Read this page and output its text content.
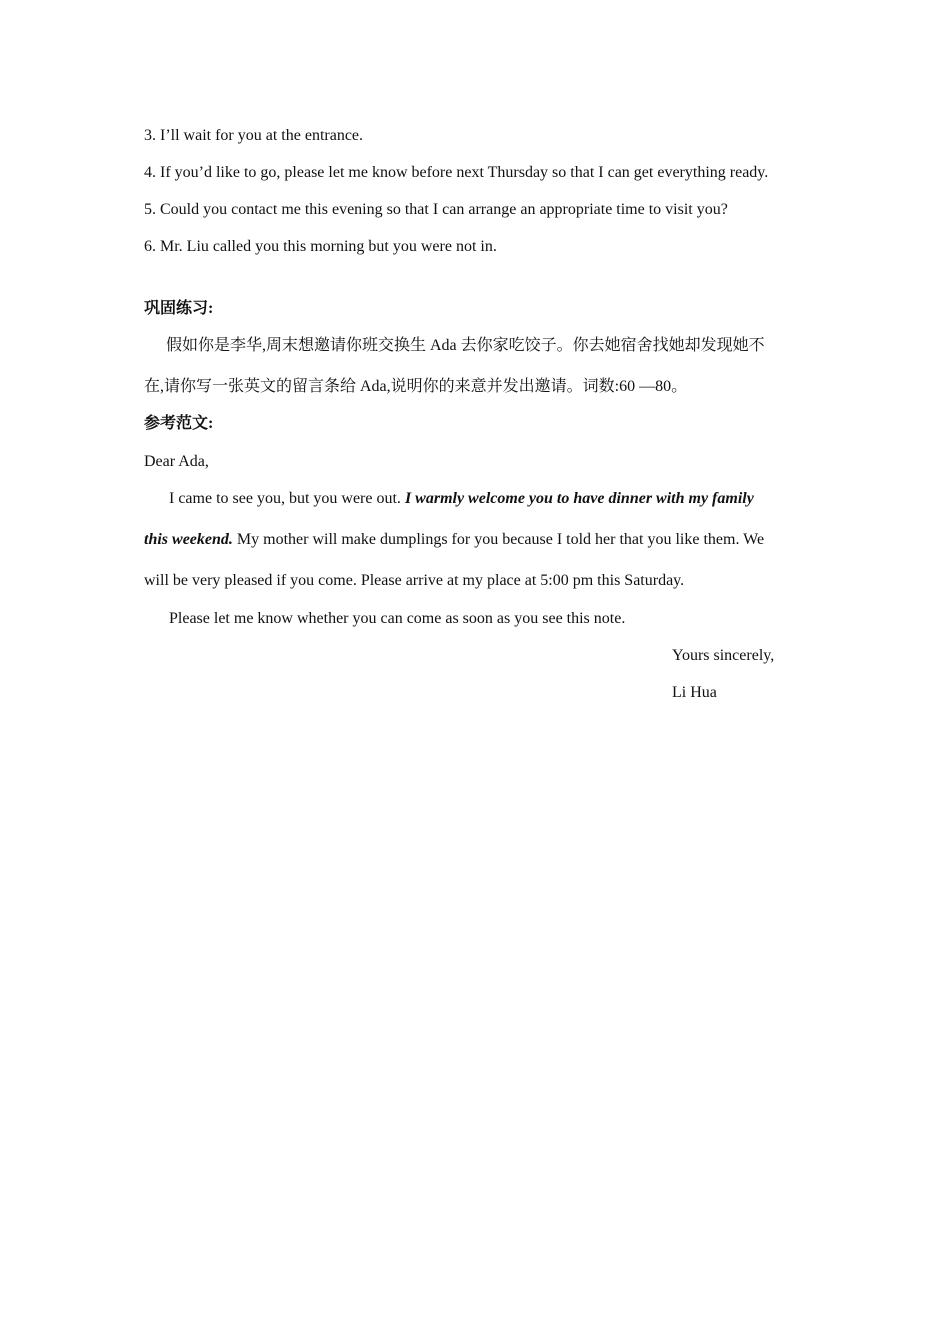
3. I’ll wait for you at the entrance.
4. If you’d like to go, please let me know before next Thursday so that I can get everything ready.
5. Could you contact me this evening so that I can arrange an appropriate time to visit you?
6. Mr. Liu called you this morning but you were not in.
巩固练习:
假如你是李华,周末想邀请你班交换生 Ada 去你家吃饺子。你去她宿舍找她却发现她不
在,请你写一张英文的留言条给 Ada,说明你的来意并发出邀请。词数:60 —80。
参考范文:
Dear Ada,
I came to see you, but you were out. I warmly welcome you to have dinner with my family
this weekend. My mother will make dumplings for you because I told her that you like them. We
will be very pleased if you come. Please arrive at my place at 5:00 pm this Saturday.
Please let me know whether you can come as soon as you see this note.
Yours sincerely,
Li Hua
